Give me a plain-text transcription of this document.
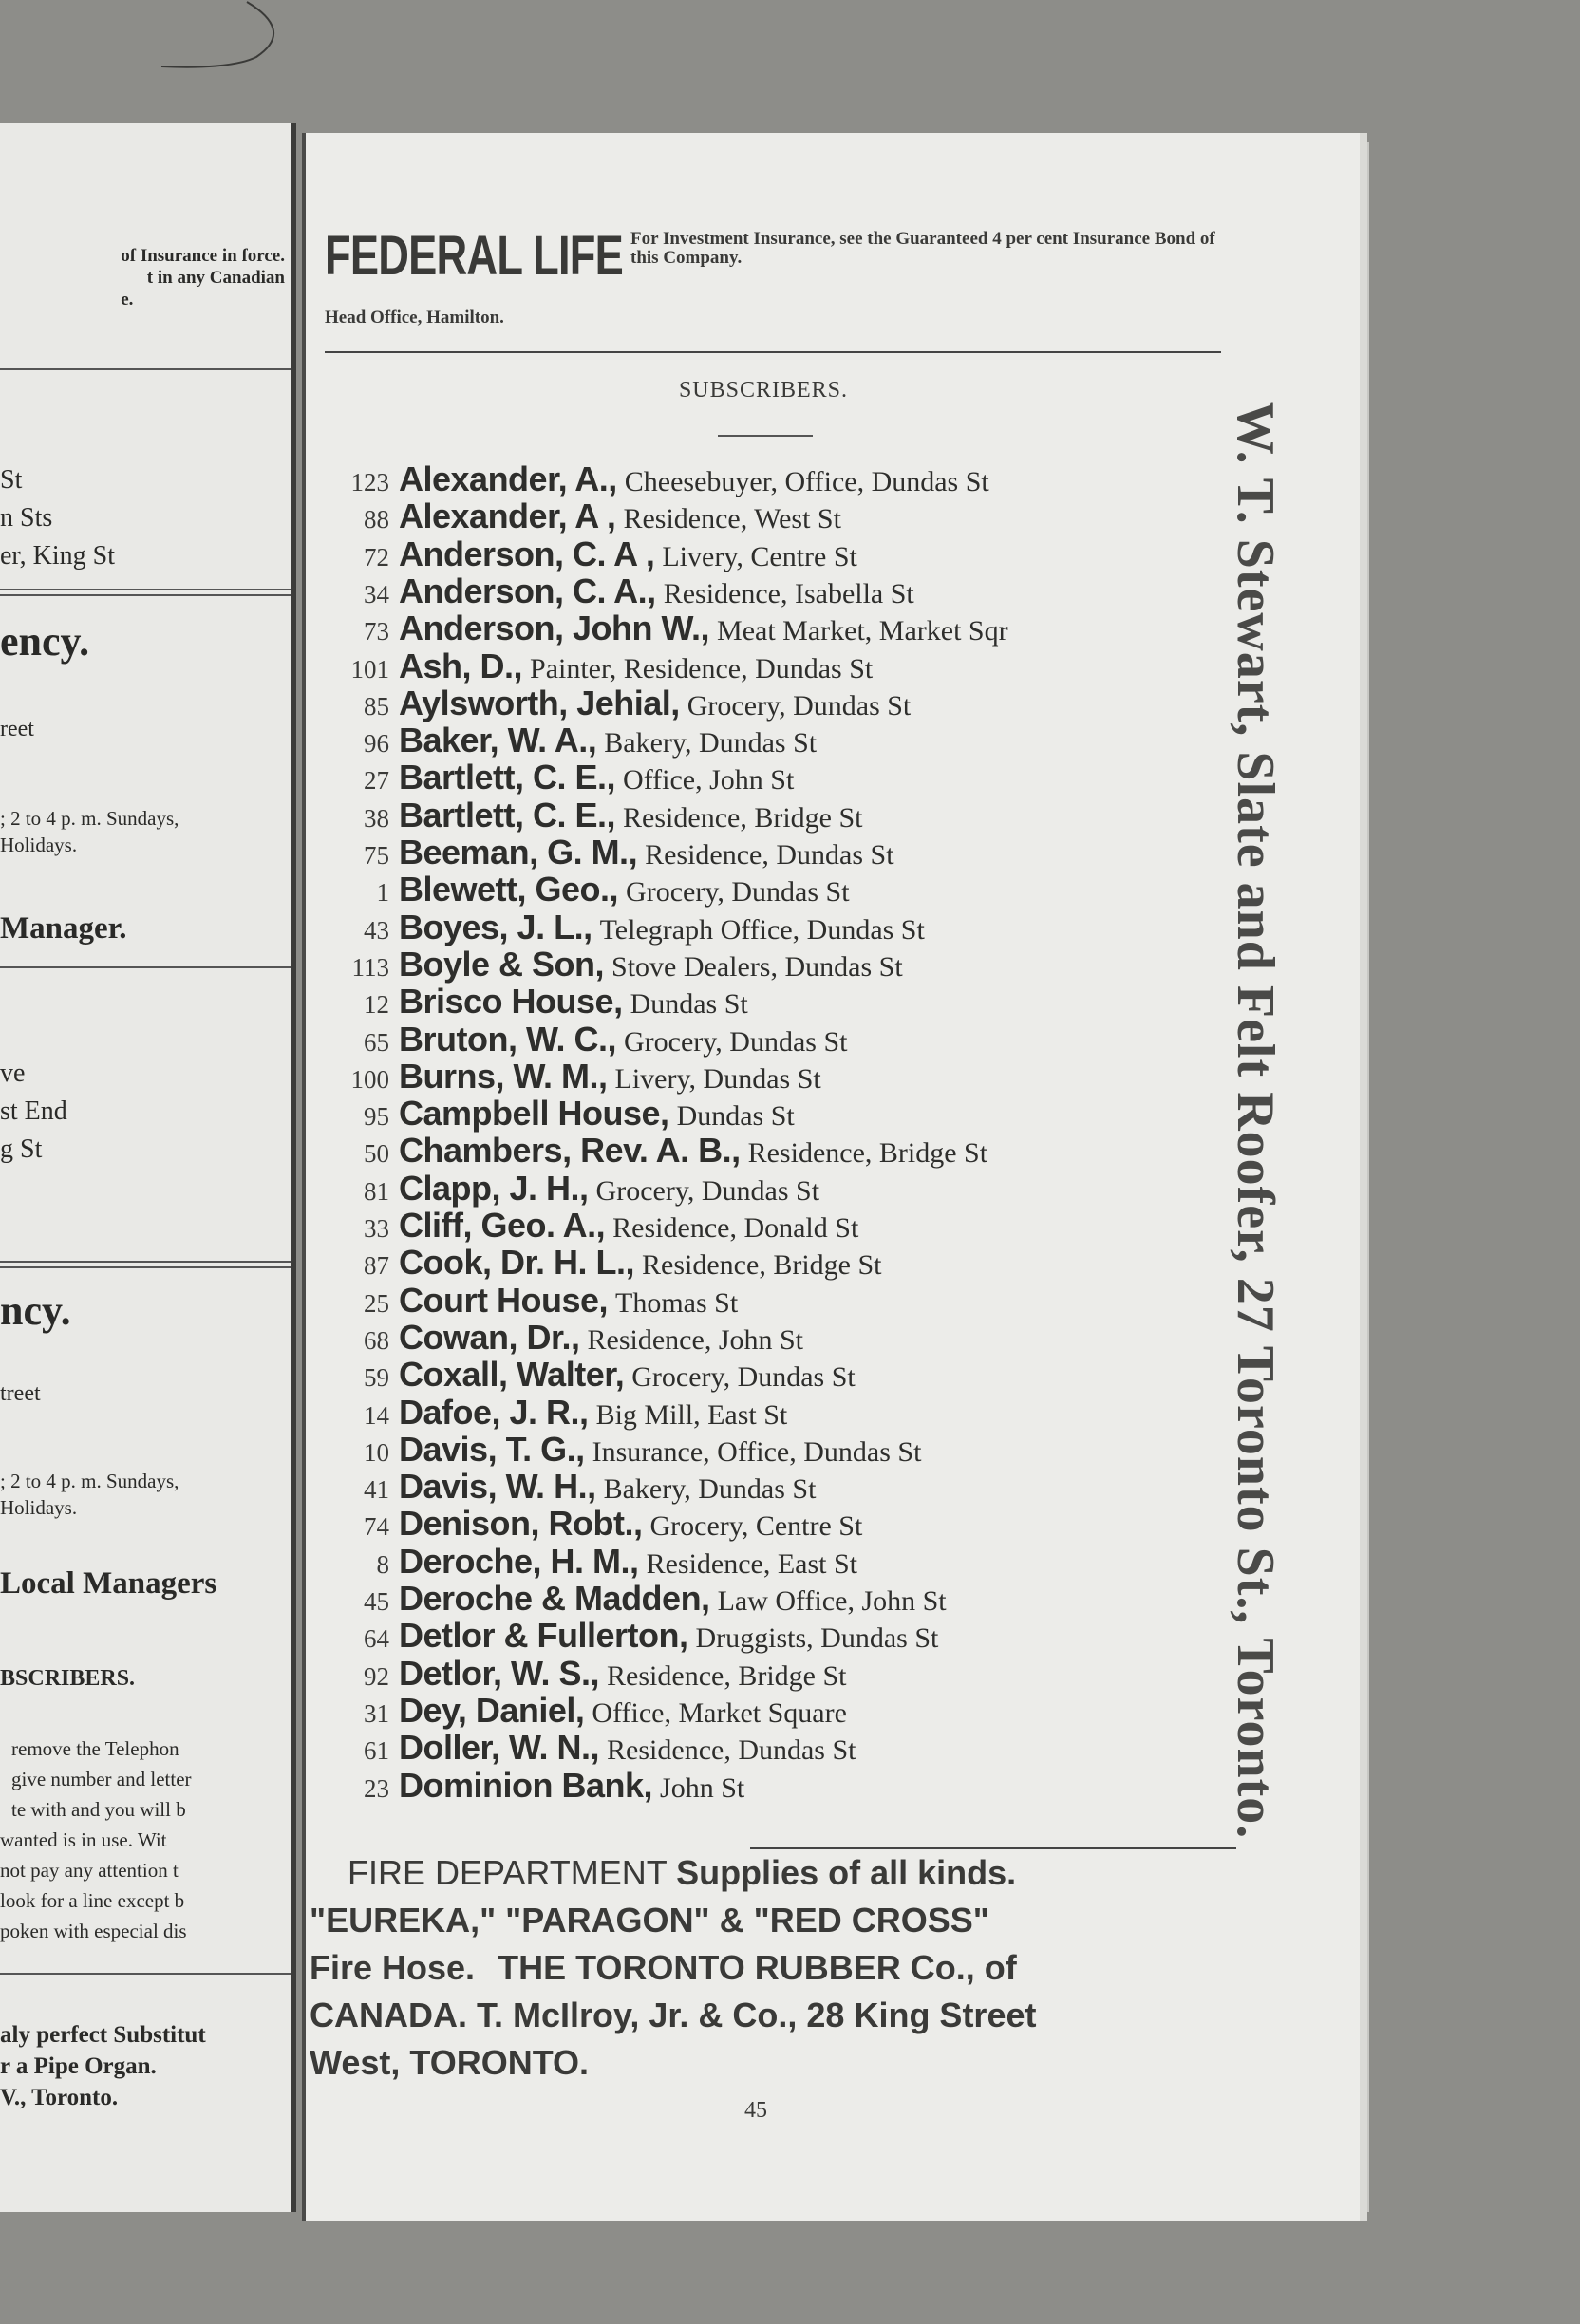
of Insurance in force.
t in any Canadian
e.
St
n Sts
er, King St
ency.
reet
; 2 to 4 p. m. Sundays,
Holidays.
Manager.
ve
st End
g St
ncy.
treet
; 2 to 4 p. m. Sundays,
Holidays.
Local Managers
BSCRIBERS.
remove the Telephon
give number and letter
te with and you will b
wanted is in use. Wit
not pay any attention t
look for a line except b
poken with especial dis
aly perfect Substitut
r a Pipe Organ.
V., Toronto.
FEDERAL LIFE For Investment Insurance, see the Guaranteed 4 per cent Insurance Bond of this Company.
Head Office, Hamilton.
SUBSCRIBERS.
123 Alexander, A., Cheesebuyer, Office, Dundas St
88 Alexander, A , Residence, West St
72 Anderson, C. A , Livery, Centre St
34 Anderson, C. A., Residence, Isabella St
73 Anderson, John W., Meat Market, Market Sqr
101 Ash, D., Painter, Residence, Dundas St
85 Aylsworth, Jehial, Grocery, Dundas St
96 Baker, W. A., Bakery, Dundas St
27 Bartlett, C. E., Office, John St
38 Bartlett, C. E., Residence, Bridge St
75 Beeman, G. M., Residence, Dundas St
1 Blewett, Geo., Grocery, Dundas St
43 Boyes, J. L., Telegraph Office, Dundas St
113 Boyle & Son, Stove Dealers, Dundas St
12 Brisco House, Dundas St
65 Bruton, W. C., Grocery, Dundas St
100 Burns, W. M., Livery, Dundas St
95 Campbell House, Dundas St
50 Chambers, Rev. A. B., Residence, Bridge St
81 Clapp, J. H., Grocery, Dundas St
33 Cliff, Geo. A., Residence, Donald St
87 Cook, Dr. H. L., Residence, Bridge St
25 Court House, Thomas St
68 Cowan, Dr., Residence, John St
59 Coxall, Walter, Grocery, Dundas St
14 Dafoe, J. R., Big Mill, East St
10 Davis, T. G., Insurance, Office, Dundas St
41 Davis, W. H., Bakery, Dundas St
74 Denison, Robt., Grocery, Centre St
8 Deroche, H. M., Residence, East St
45 Deroche & Madden, Law Office, John St
64 Detlor & Fullerton, Druggists, Dundas St
92 Detlor, W. S., Residence, Bridge St
31 Dey, Daniel, Office, Market Square
61 Doller, W. N., Residence, Dundas St
23 Dominion Bank, John St
FIRE DEPARTMENT Supplies of all kinds.
"EUREKA," "PARAGON" & "RED CROSS"
Fire Hose. THE TORONTO RUBBER Co., of
CANADA. T. McIlroy, Jr. & Co., 28 King Street
West, TORONTO.
45
W. T. Stewart, Slate and Felt Roofer, 27 Toronto St., Toronto.
